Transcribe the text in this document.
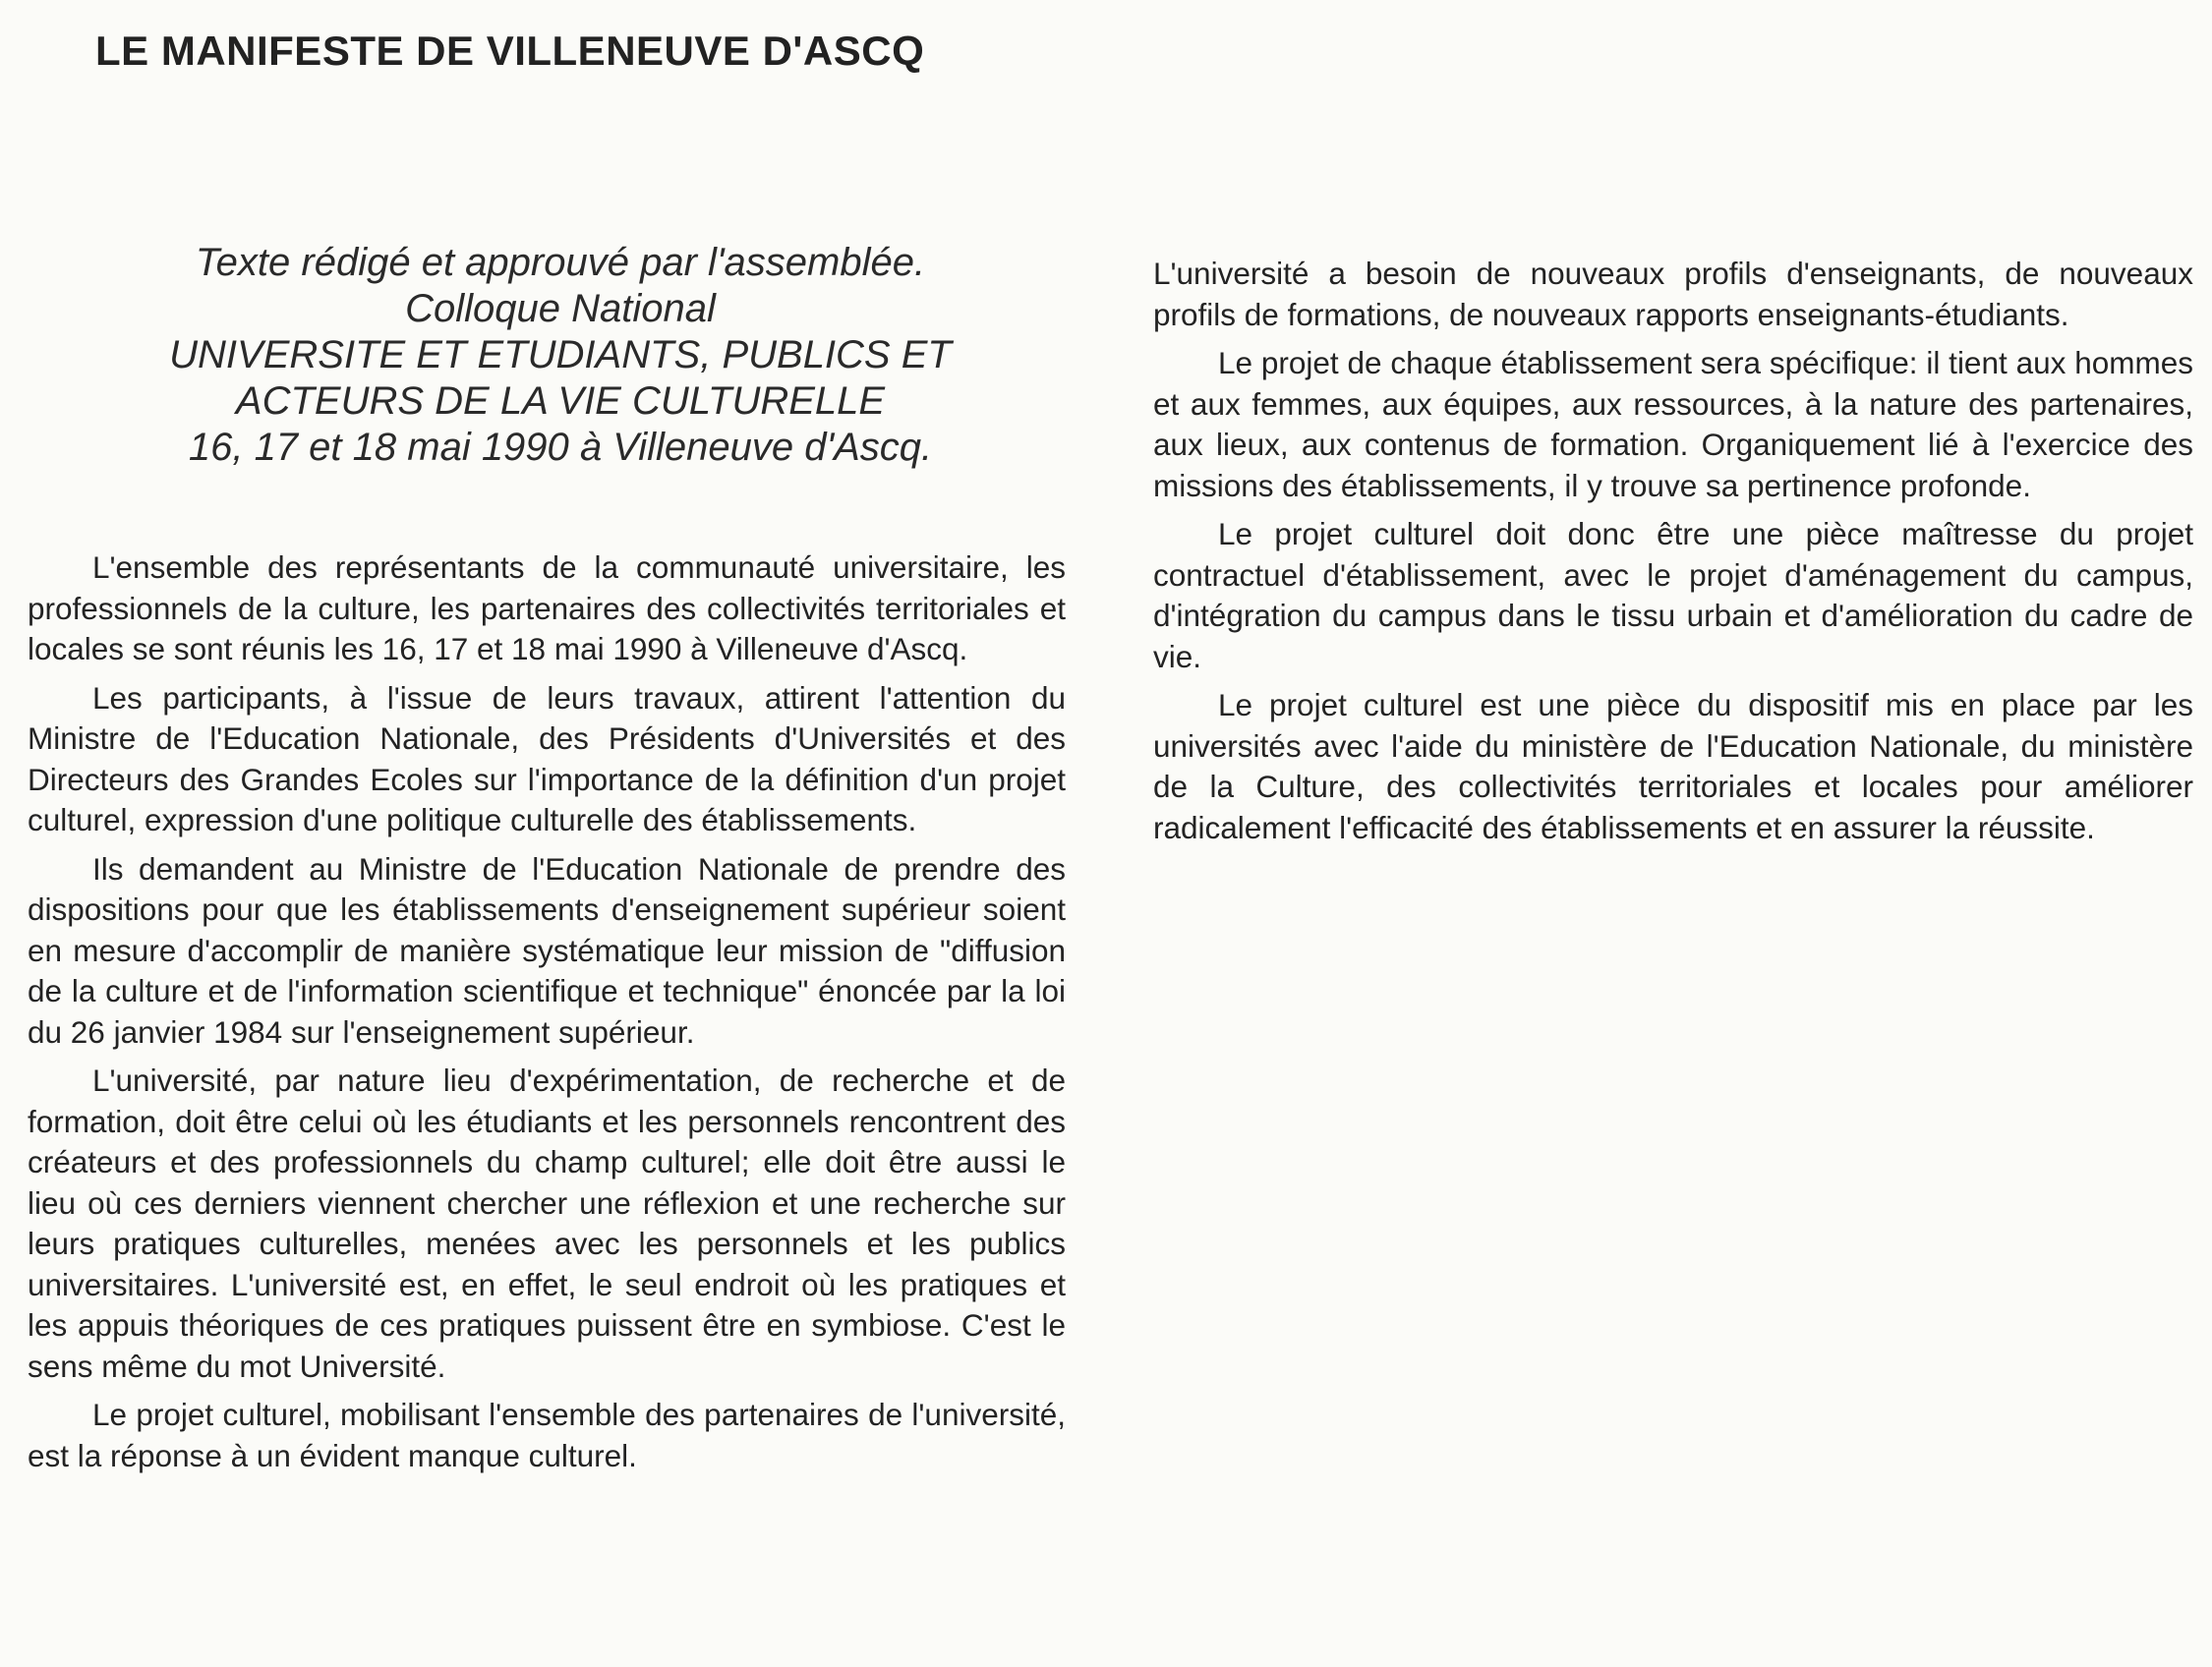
LE MANIFESTE DE VILLENEUVE D'ASCQ
Texte rédigé et approuvé par l'assemblée.
Colloque National
UNIVERSITE ET ETUDIANTS, PUBLICS ET
ACTEURS DE LA VIE CULTURELLE
16, 17 et 18 mai 1990 à Villeneuve d'Ascq.

L'ensemble des représentants de la communauté universitaire, les professionnels de la culture, les partenaires des collectivités territoriales et locales se sont réunis les 16, 17 et 18 mai 1990 à Villeneuve d'Ascq.

Les participants, à l'issue de leurs travaux, attirent l'attention du Ministre de l'Education Nationale, des Présidents d'Universités et des Directeurs des Grandes Ecoles sur l'importance de la définition d'un projet culturel, expression d'une politique culturelle des établissements.

Ils demandent au Ministre de l'Education Nationale de prendre des dispositions pour que les établissements d'enseignement supérieur soient en mesure d'accomplir de manière systématique leur mission de "diffusion de la culture et de l'information scientifique et technique" énoncée par la loi du 26 janvier 1984 sur l'enseignement supérieur.

L'université, par nature lieu d'expérimentation, de recherche et de formation, doit être celui où les étudiants et les personnels rencontrent des créateurs et des professionnels du champ culturel; elle doit être aussi le lieu où ces derniers viennent chercher une réflexion et une recherche sur leurs pratiques culturelles, menées avec les personnels et les publics universitaires. L'université est, en effet, le seul endroit où les pratiques et les appuis théoriques de ces pratiques puissent être en symbiose. C'est le sens même du mot Université.

Le projet culturel, mobilisant l'ensemble des partenaires de l'université, est la réponse à un évident manque culturel.

L'université a besoin de nouveaux profils d'enseignants, de nouveaux profils de formations, de nouveaux rapports enseignants-étudiants.

Le projet de chaque établissement sera spécifique: il tient aux hommes et aux femmes, aux équipes, aux ressources, à la nature des partenaires, aux lieux, aux contenus de formation. Organiquement lié à l'exercice des missions des établissements, il y trouve sa pertinence profonde.

Le projet culturel doit donc être une pièce maîtresse du projet contractuel d'établissement, avec le projet d'aménagement du campus, d'intégration du campus dans le tissu urbain et d'amélioration du cadre de vie.

Le projet culturel est une pièce du dispositif mis en place par les universités avec l'aide du ministère de l'Education Nationale, du ministère de la Culture, des collectivités territoriales et locales pour améliorer radicalement l'efficacité des établissements et en assurer la réussite.
